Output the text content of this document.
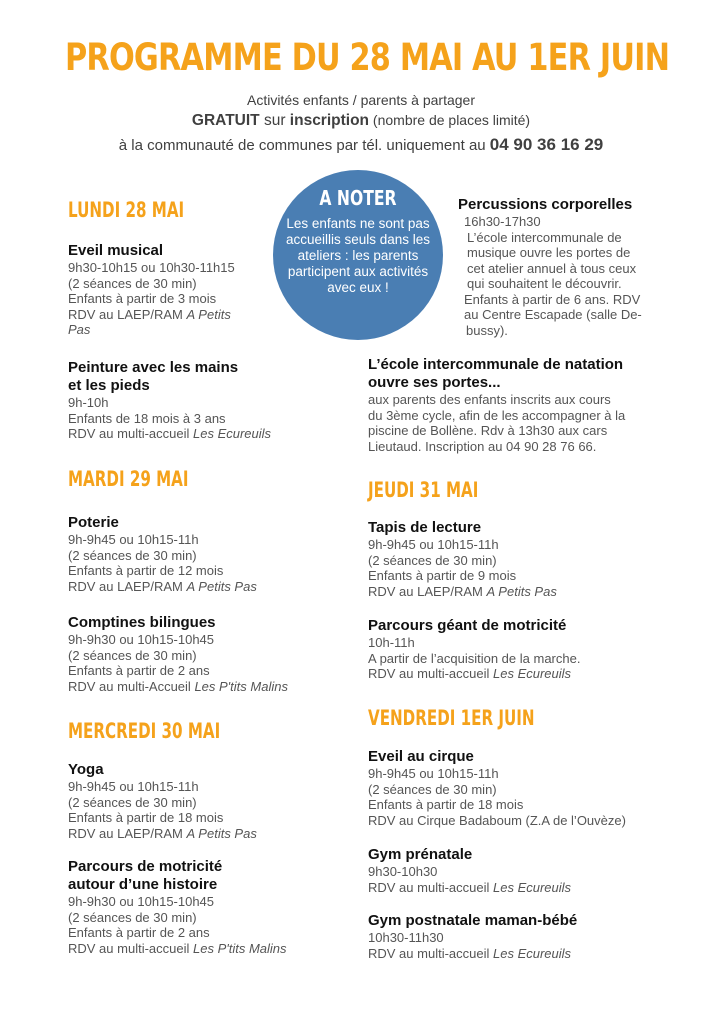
PROGRAMME DU 28 MAI AU 1ER JUIN
Activités enfants / parents à partager
GRATUIT sur inscription (nombre de places limité)
à la communauté de communes par tél. uniquement au 04 90 36 16 29
A NOTER
Les enfants ne sont pas accueillis seuls dans les ateliers : les parents participent aux activités avec eux !
LUNDI 28 MAI
Eveil musical
9h30-10h15 ou 10h30-11h15
(2 séances de 30 min)
Enfants à partir de 3 mois
RDV au LAEP/RAM A Petits
Pas
Peinture avec les mains
et les pieds
9h-10h
Enfants de 18 mois à 3 ans
RDV au multi-accueil Les Ecureuils
MARDI 29 MAI
Poterie
9h-9h45 ou 10h15-11h
(2 séances de 30 min)
Enfants à partir de 12 mois
RDV au LAEP/RAM A Petits Pas
Comptines bilingues
9h-9h30 ou 10h15-10h45
(2 séances de 30 min)
Enfants à partir de 2 ans
RDV au multi-Accueil Les P'tits Malins
MERCREDI 30 MAI
Yoga
9h-9h45 ou 10h15-11h
(2 séances de 30 min)
Enfants à partir de 18 mois
RDV au LAEP/RAM A Petits Pas
Parcours de motricité
autour d’une histoire
9h-9h30 ou 10h15-10h45
(2 séances de 30 min)
Enfants à partir de 2 ans
RDV au multi-accueil Les P'tits Malins
Percussions corporelles
16h30-17h30
L’école intercommunale de
musique ouvre les portes de
cet atelier annuel à tous ceux
qui souhaitent le découvrir.
Enfants à partir de 6 ans. RDV
au Centre Escapade (salle De-
bussy).
L’école intercommunale de natation
ouvre ses portes...
aux parents des enfants inscrits aux cours
du 3ème cycle, afin de les accompagner à la
piscine de Bollène. Rdv à 13h30 aux cars
Lieutaud. Inscription au 04 90 28 76 66.
JEUDI 31 MAI
Tapis de lecture
9h-9h45 ou 10h15-11h
(2 séances de 30 min)
Enfants à partir de 9 mois
RDV au LAEP/RAM A Petits Pas
Parcours géant de motricité
10h-11h
A partir de l’acquisition de la marche.
RDV au multi-accueil Les Ecureuils
VENDREDI 1ER JUIN
Eveil au cirque
9h-9h45 ou 10h15-11h
(2 séances de 30 min)
Enfants à partir de 18 mois
RDV au Cirque Badaboum (Z.A de l’Ouvèze)
Gym prénatale
9h30-10h30
RDV au multi-accueil Les Ecureuils
Gym postnatale maman-bébé
10h30-11h30
RDV au multi-accueil Les Ecureuils
